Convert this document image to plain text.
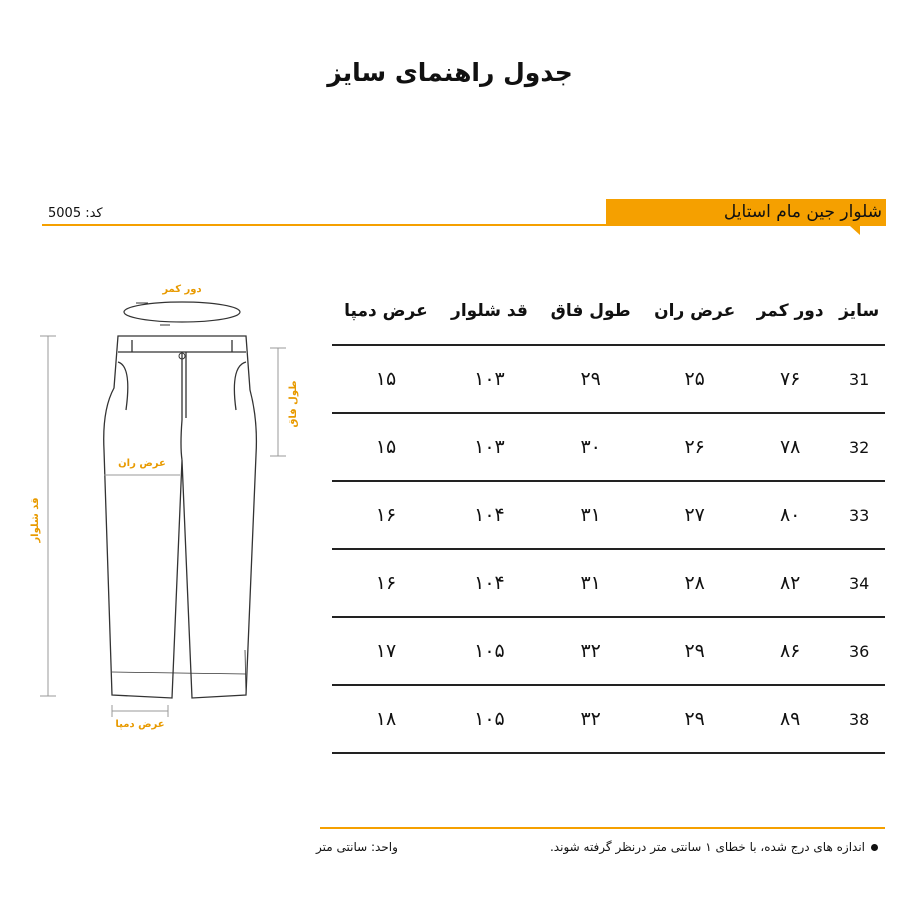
جدول راهنمای سایز
شلوار جین مام استایل
کد: 5005
دور کمر
قد شلوار
طول فاق
عرض ران
عرض دمپا
سایز	دور کمر	عرض ران	طول فاق	قد شلوار	عرض دمپا
31	۷۶	۲۵	۲۹	۱۰۳	۱۵
32	۷۸	۲۶	۳۰	۱۰۳	۱۵
33	۸۰	۲۷	۳۱	۱۰۴	۱۶
34	۸۲	۲۸	۳۱	۱۰۴	۱۶
36	۸۶	۲۹	۳۲	۱۰۵	۱۷
38	۸۹	۲۹	۳۲	۱۰۵	۱۸
اندازه های درج شده، با خطای ۱ سانتی متر درنظر گرفته شوند.
واحد: سانتی متر
